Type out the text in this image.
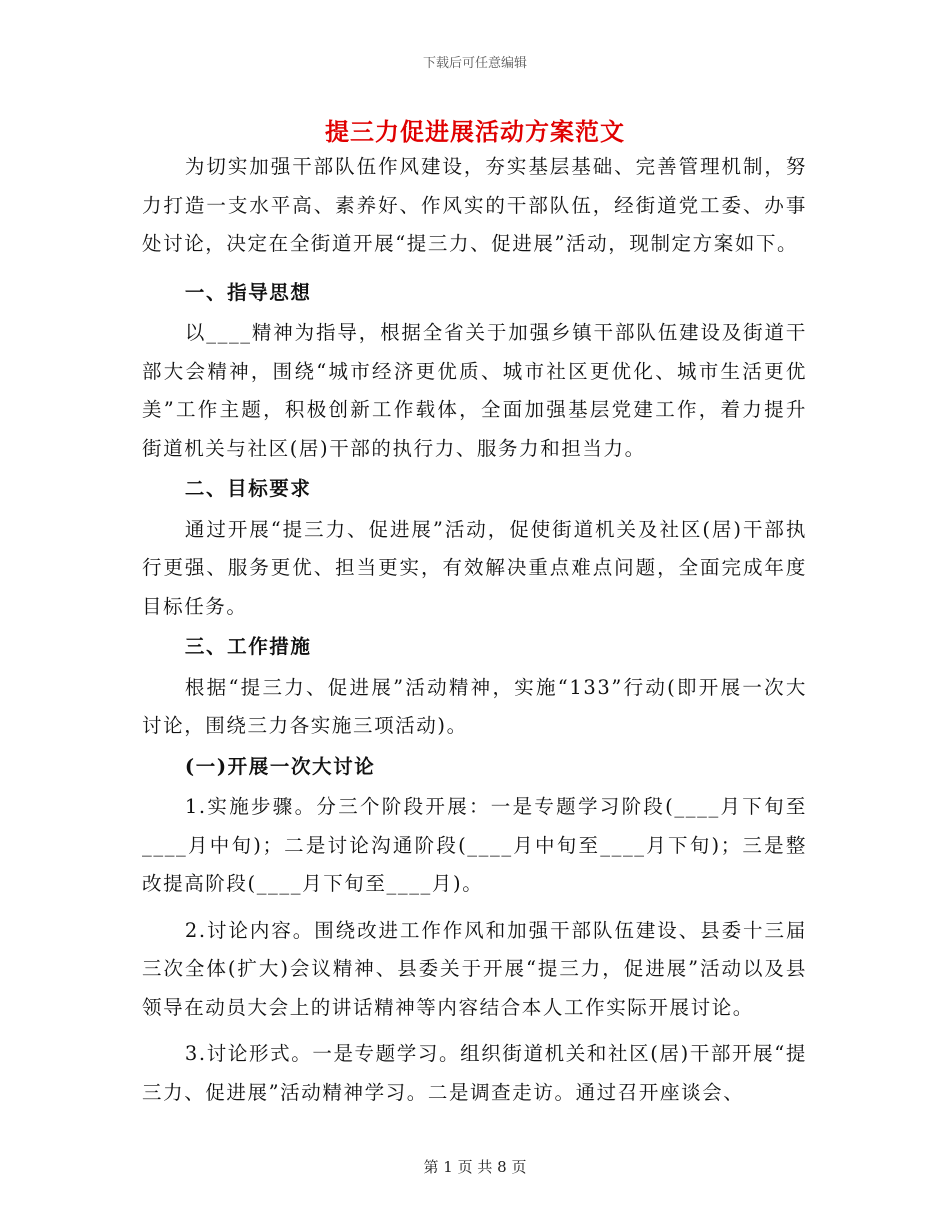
下载后可任意编辑
提三力促进展活动方案范文

为切实加强干部队伍作风建设，夯实基层基础、完善管理机制，努力打造一支水平高、素养好、作风实的干部队伍，经街道党工委、办事处讨论，决定在全街道开展“提三力、促进展”活动，现制定方案如下。

一、指导思想

以____精神为指导，根据全省关于加强乡镇干部队伍建设及街道干部大会精神，围绕“城市经济更优质、城市社区更优化、城市生活更优美”工作主题，积极创新工作载体，全面加强基层党建工作，着力提升街道机关与社区(居)干部的执行力、服务力和担当力。

二、目标要求

通过开展“提三力、促进展”活动，促使街道机关及社区(居)干部执行更强、服务更优、担当更实，有效解决重点难点问题，全面完成年度目标任务。

三、工作措施

根据“提三力、促进展”活动精神，实施“133”行动(即开展一次大讨论，围绕三力各实施三项活动)。

(一)开展一次大讨论

1.实施步骤。分三个阶段开展：一是专题学习阶段(____月下旬至____月中旬)；二是讨论沟通阶段(____月中旬至____月下旬)；三是整改提高阶段(____月下旬至____月)。

2.讨论内容。围绕改进工作作风和加强干部队伍建设、县委十三届三次全体(扩大)会议精神、县委关于开展“提三力，促进展”活动以及县领导在动员大会上的讲话精神等内容结合本人工作实际开展讨论。

3.讨论形式。一是专题学习。组织街道机关和社区(居)干部开展“提三力、促进展”活动精神学习。二是调查走访。通过召开座谈会、

第 1 页 共 8 页
